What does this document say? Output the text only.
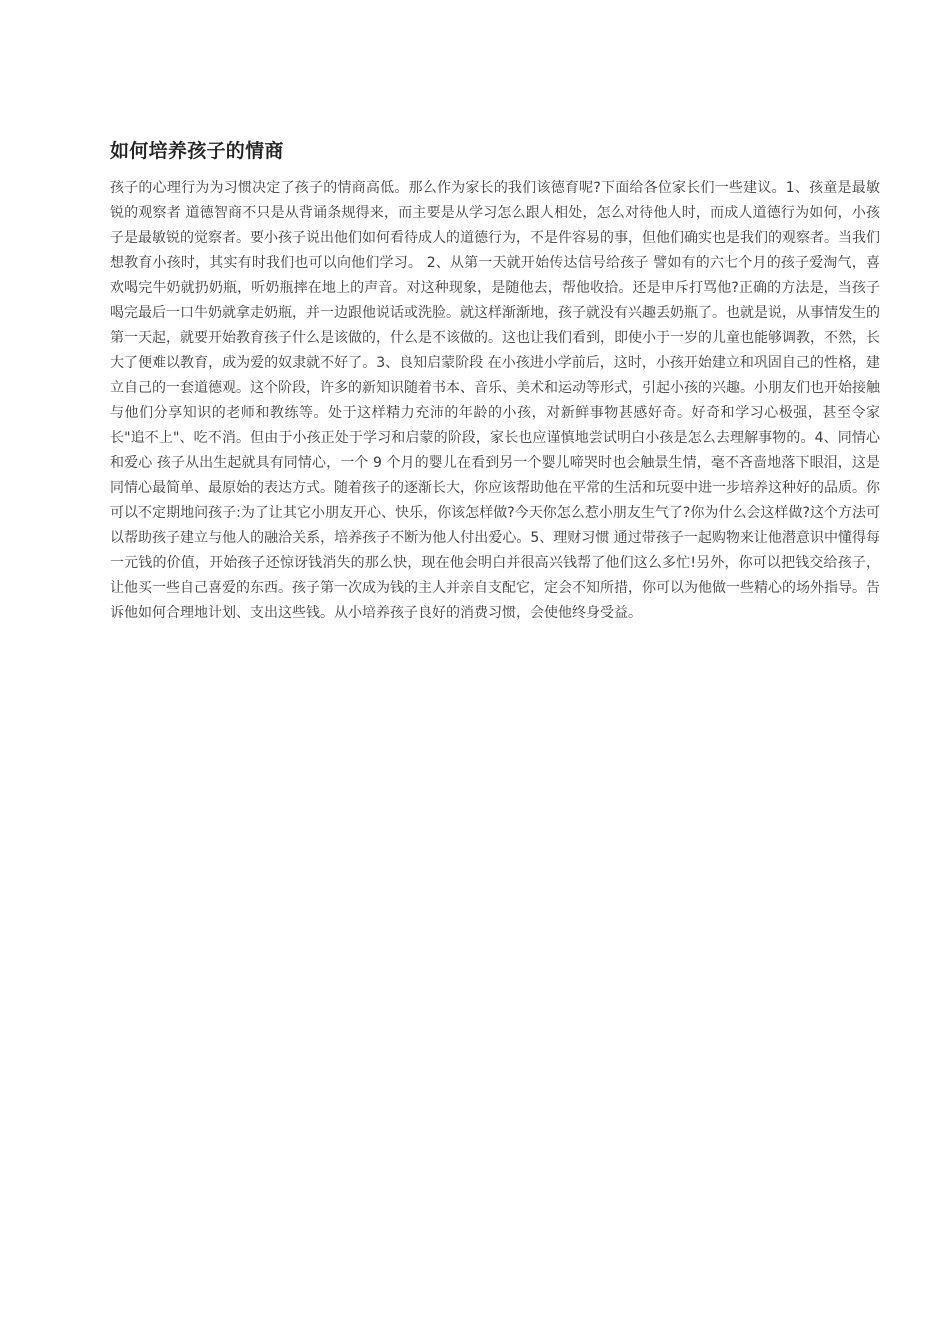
如何培养孩子的情商

孩子的心理行为为习惯决定了孩子的情商高低。那么作为家长的我们该德育呢?下面给各位家长们一些建议。1、孩童是最敏锐的观察者 道德智商不只是从背诵条规得来，而主要是从学习怎么跟人相处，怎么对待他人时，而成人道德行为如何，小孩子是最敏锐的觉察者。要小孩子说出他们如何看待成人的道德行为，不是件容易的事，但他们确实也是我们的观察者。当我们想教育小孩时，其实有时我们也可以向他们学习。 2、从第一天就开始传达信号给孩子 譬如有的六七个月的孩子爱淘气，喜欢喝完牛奶就扔奶瓶，听奶瓶摔在地上的声音。对这种现象，是随他去，帮他收拾。还是申斥打骂他?正确的方法是，当孩子喝完最后一口牛奶就拿走奶瓶，并一边跟他说话或洗脸。就这样渐渐地，孩子就没有兴趣丢奶瓶了。也就是说，从事情发生的第一天起，就要开始教育孩子什么是该做的，什么是不该做的。这也让我们看到，即使小于一岁的儿童也能够调教，不然，长大了便难以教育，成为爱的奴隶就不好了。3、良知启蒙阶段 在小孩进小学前后，这时，小孩开始建立和巩固自己的性格，建立自己的一套道德观。这个阶段，许多的新知识随着书本、音乐、美术和运动等形式，引起小孩的兴趣。小朋友们也开始接触与他们分享知识的老师和教练等。处于这样精力充沛的年龄的小孩，对新鲜事物甚感好奇。好奇和学习心极强，甚至令家长"追不上"、吃不消。但由于小孩正处于学习和启蒙的阶段，家长也应谨慎地尝试明白小孩是怎么去理解事物的。4、同情心和爱心 孩子从出生起就具有同情心，一个 9 个月的婴儿在看到另一个婴儿啼哭时也会触景生情，毫不吝啬地落下眼泪，这是同情心最简单、最原始的表达方式。随着孩子的逐渐长大，你应该帮助他在平常的生活和玩耍中进一步培养这种好的品质。你可以不定期地问孩子:为了让其它小朋友开心、快乐，你该怎样做?今天你怎么惹小朋友生气了?你为什么会这样做?这个方法可以帮助孩子建立与他人的融洽关系，培养孩子不断为他人付出爱心。5、理财习惯 通过带孩子一起购物来让他潜意识中懂得每一元钱的价值，开始孩子还惊讶钱消失的那么快，现在他会明白并很高兴钱帮了他们这么多忙!另外，你可以把钱交给孩子，让他买一些自己喜爱的东西。孩子第一次成为钱的主人并亲自支配它，定会不知所措，你可以为他做一些精心的场外指导。告诉他如何合理地计划、支出这些钱。从小培养孩子良好的消费习惯，会使他终身受益。
